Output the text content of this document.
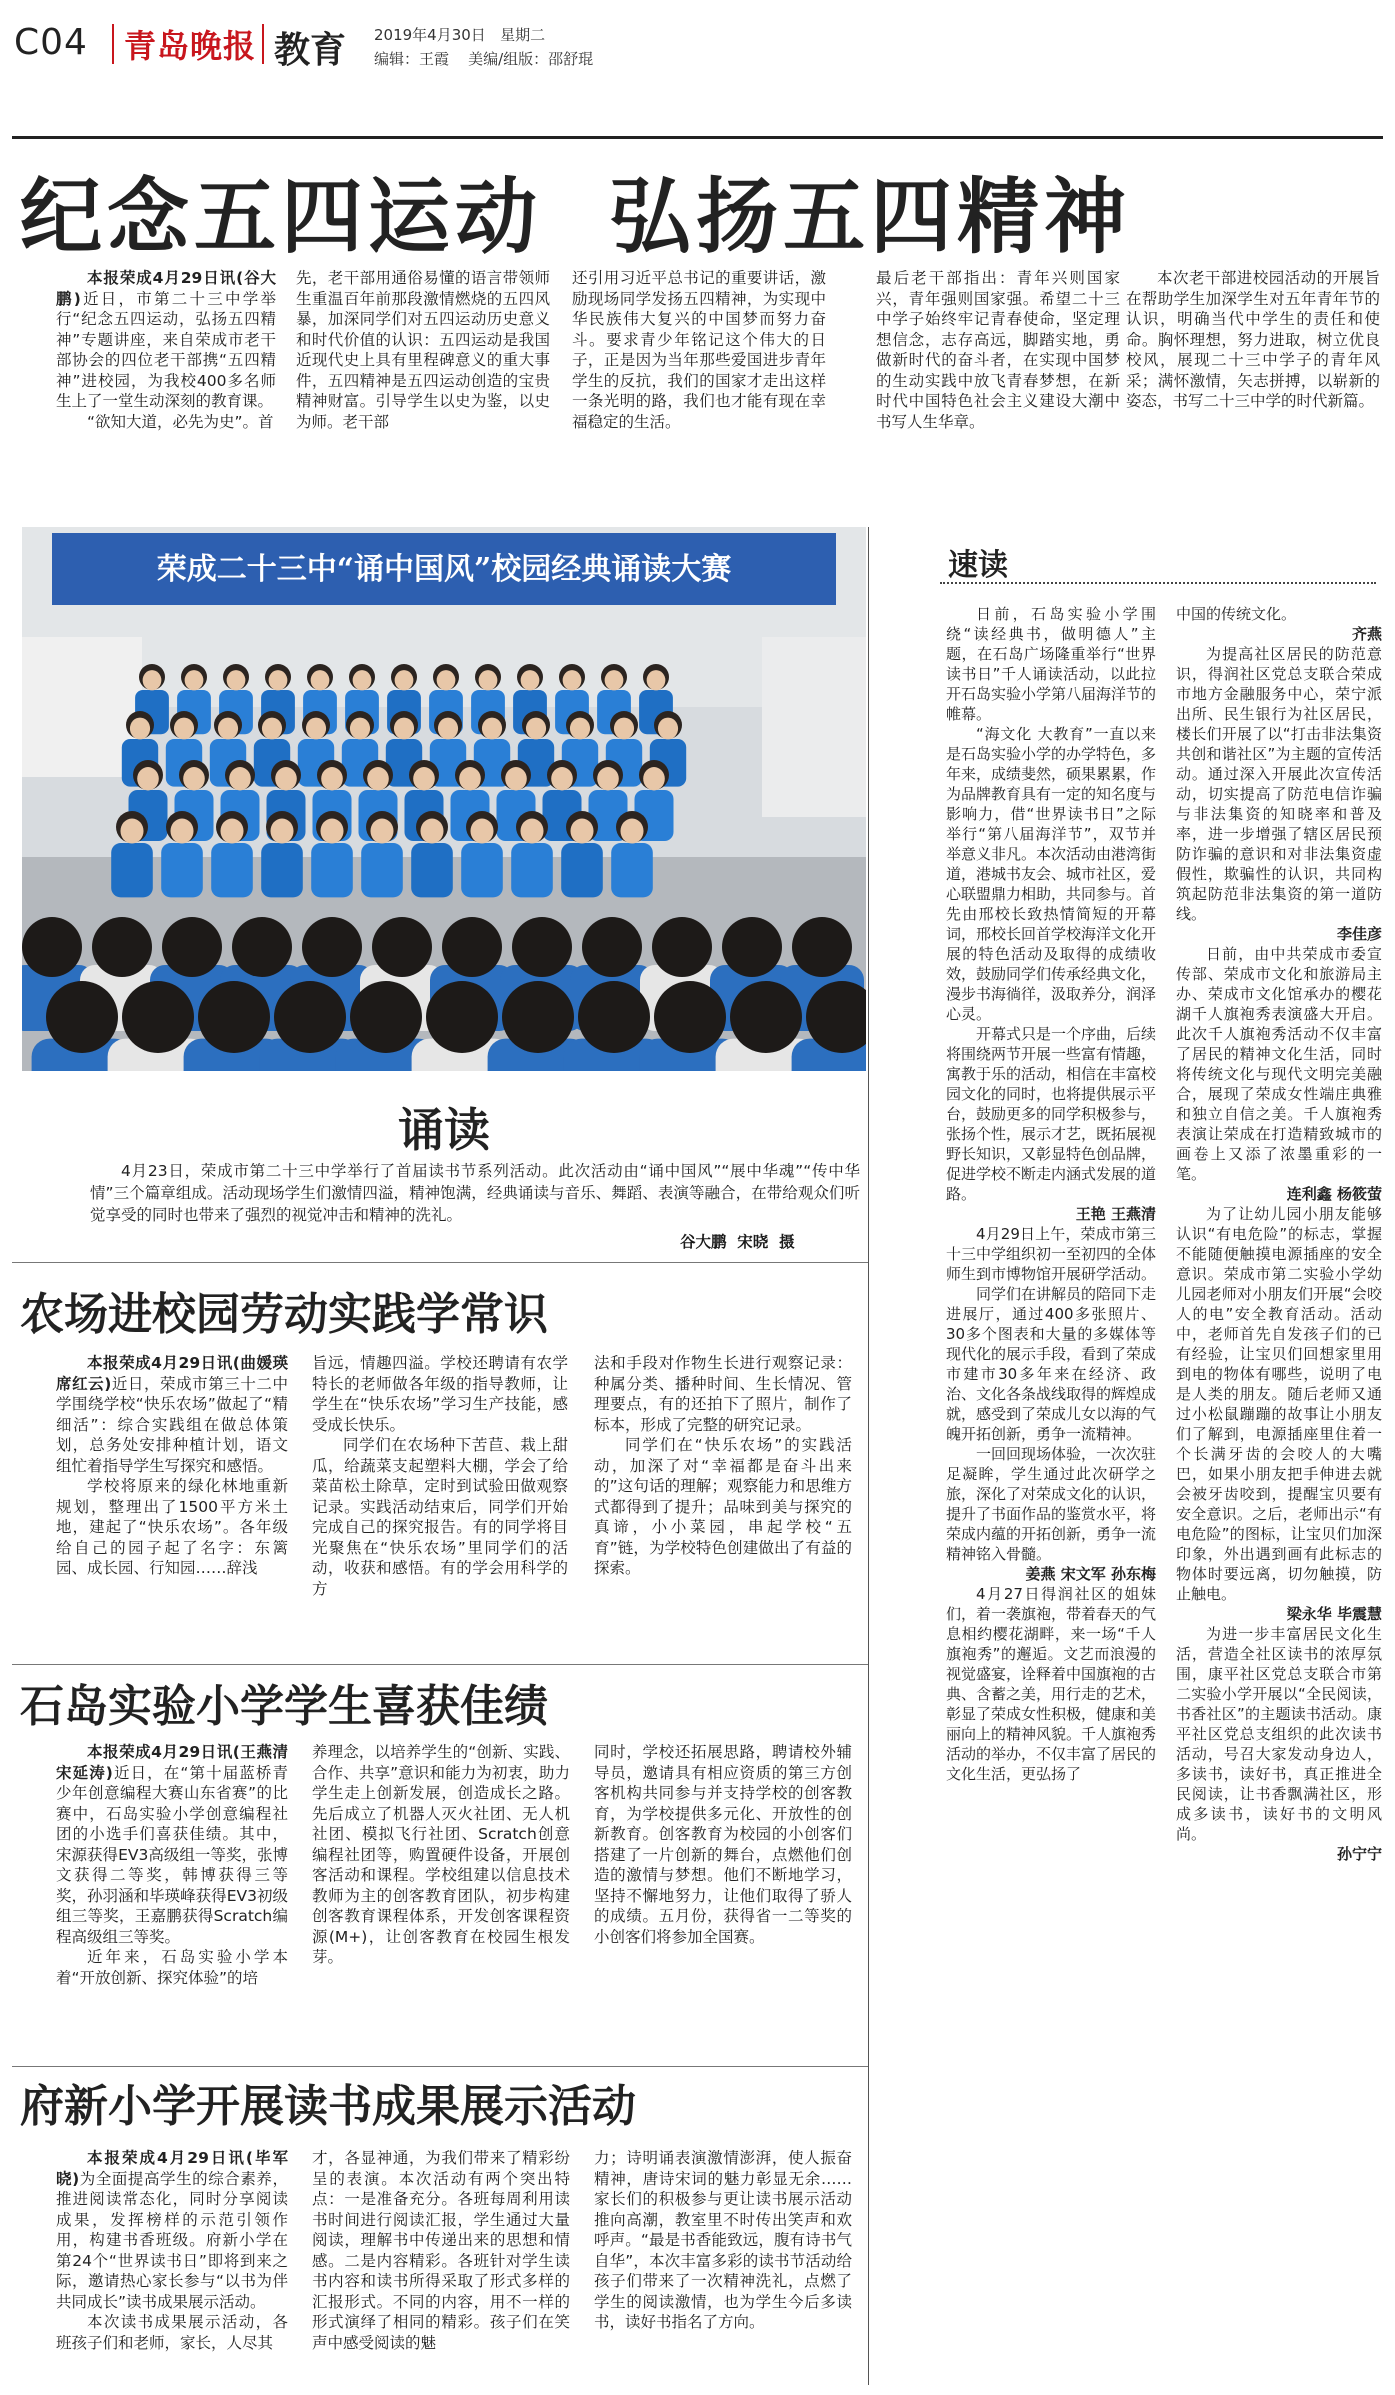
C04 青岛晚报 教育 2019年4月30日   星期二
编辑：王霞    美编/组版：邵舒琨
纪念五四运动  弘扬五四精神

本报荣成4月29日讯(谷大鹏)近日，市第二十三中学举行“纪念五四运动，弘扬五四精神”专题讲座，来自荣成市老干部协会的四位老干部携“五四精神”进校园，为我校400多名师生上了一堂生动深刻的教育课。

“欲知大道，必先为史”。首

先，老干部用通俗易懂的语言带领师生重温百年前那段激情燃烧的五四风暴，加深同学们对五四运动历史意义和时代价值的认识：五四运动是我国近现代史上具有里程碑意义的重大事件，五四精神是五四运动创造的宝贵精神财富。引导学生以史为鉴，以史为师。老干部

还引用习近平总书记的重要讲话，激励现场同学发扬五四精神，为实现中华民族伟大复兴的中国梦而努力奋斗。要求青少年铭记这个伟大的日子，正是因为当年那些爱国进步青年学生的反抗，我们的国家才走出这样一条光明的路，我们也才能有现在幸福稳定的生活。

最后老干部指出：青年兴则国家兴，青年强则国家强。希望二十三中学子始终牢记青春使命，坚定理想信念，志存高远，脚踏实地，勇做新时代的奋斗者，在实现中国梦的生动实践中放飞青春梦想，在新时代中国特色社会主义建设大潮中书写人生华章。

本次老干部进校园活动的开展旨在帮助学生加深学生对五年青年节的认识，明确当代中学生的责任和使命。胸怀理想，努力进取，树立优良校风，展现二十三中学子的青年风采；满怀激情，矢志拼搏，以崭新的姿态，书写二十三中学的时代新篇。

荣成二十三中“诵中国风”校园经典诵读大赛
诵读
4月23日，荣成市第二十三中学举行了首届读书节系列活动。此次活动由“诵中国风”“展中华魂”“传中华情”三个篇章组成。活动现场学生们激情四溢，精神饱满，经典诵读与音乐、舞蹈、表演等融合，在带给观众们听觉享受的同时也带来了强烈的视觉冲击和精神的洗礼。
谷大鹏  宋晓  摄
农场进校园劳动实践学常识

本报荣成4月29日讯(曲媛瑛 席红云)近日，荣成市第三十二中学围绕学校“快乐农场”做起了“精细活”：综合实践组在做总体策划，总务处安排种植计划，语文组忙着指导学生写探究和感悟。

学校将原来的绿化林地重新规划，整理出了1500平方米土地，建起了“快乐农场”。各年级给自己的园子起了名字：东篱园、成长园、行知园……辞浅

旨远，情趣四溢。学校还聘请有农学特长的老师做各年级的指导教师，让学生在“快乐农场”学习生产技能，感受成长快乐。

同学们在农场种下苦苣、栽上甜瓜，给蔬菜支起塑料大棚，学会了给菜苗松土除草，定时到试验田做观察记录。实践活动结束后，同学们开始完成自己的探究报告。有的同学将目光聚焦在“快乐农场”里同学们的活动，收获和感悟。有的学会用科学的方

法和手段对作物生长进行观察记录：种属分类、播种时间、生长情况、管理要点，有的还拍下了照片，制作了标本，形成了完整的研究记录。

同学们在“快乐农场”的实践活动，加深了对“幸福都是奋斗出来的”这句话的理解；观察能力和思维方式都得到了提升；品味到美与探究的真谛，小小菜园，串起学校“五育”链，为学校特色创建做出了有益的探索。

石岛实验小学学生喜获佳绩

本报荣成4月29日讯(王燕清 宋延涛)近日，在“第十届蓝桥青少年创意编程大赛山东省赛”的比赛中，石岛实验小学创意编程社团的小选手们喜获佳绩。其中，宋源获得EV3高级组一等奖，张博文获得二等奖，韩博获得三等奖，孙羽涵和毕瑛峰获得EV3初级组三等奖，王嘉鹏获得Scratch编程高级组三等奖。

近年来，石岛实验小学本着“开放创新、探究体验”的培

养理念，以培养学生的“创新、实践、合作、共享”意识和能力为初衷，助力学生走上创新发展，创造成长之路。先后成立了机器人灭火社团、无人机社团、模拟飞行社团、Scratch创意编程社团等，购置硬件设备，开展创客活动和课程。学校组建以信息技术教师为主的创客教育团队，初步构建创客教育课程体系，开发创客课程资源(M+)，让创客教育在校园生根发芽。

同时，学校还拓展思路，聘请校外辅导员，邀请具有相应资质的第三方创客机构共同参与并支持学校的创客教育，为学校提供多元化、开放性的创新教育。创客教育为校园的小创客们搭建了一片创新的舞台，点燃他们创造的激情与梦想。他们不断地学习，坚持不懈地努力，让他们取得了骄人的成绩。五月份，获得省一二等奖的小创客们将参加全国赛。

府新小学开展读书成果展示活动

本报荣成4月29日讯(毕军晓)为全面提高学生的综合素养，推进阅读常态化，同时分享阅读成果，发挥榜样的示范引领作用，构建书香班级。府新小学在第24个“世界读书日”即将到来之际，邀请热心家长参与“以书为伴 共同成长”读书成果展示活动。

本次读书成果展示活动，各班孩子们和老师，家长，人尽其

才，各显神通，为我们带来了精彩纷呈的表演。本次活动有两个突出特点：一是准备充分。各班每周利用读书时间进行阅读汇报，学生通过大量阅读，理解书中传递出来的思想和情感。二是内容精彩。各班针对学生读书内容和读书所得采取了形式多样的汇报形式。不同的内容，用不一样的形式演绎了相同的精彩。孩子们在笑声中感受阅读的魅

力；诗明诵表演激情澎湃，使人振奋精神，唐诗宋词的魅力彰显无余……家长们的积极参与更让读书展示活动推向高潮，教室里不时传出笑声和欢呼声。“最是书香能致远，腹有诗书气自华”，本次丰富多彩的读书节活动给孩子们带来了一次精神洗礼，点燃了学生的阅读激情，也为学生今后多读书，读好书指名了方向。

速读

日前，石岛实验小学围绕“读经典书，做明德人”主题，在石岛广场隆重举行“世界读书日”千人诵读活动，以此拉开石岛实验小学第八届海洋节的帷幕。

“海文化 大教育”一直以来是石岛实验小学的办学特色，多年来，成绩斐然，硕果累累，作为品牌教育具有一定的知名度与影响力，借“世界读书日”之际举行“第八届海洋节”，双节并举意义非凡。本次活动由港湾街道，港城书友会、城市社区，爱心联盟鼎力相助，共同参与。首先由邢校长致热情简短的开幕词，邢校长回首学校海洋文化开展的特色活动及取得的成绩收效，鼓励同学们传承经典文化，漫步书海徜徉，汲取养分，润泽心灵。

开幕式只是一个序曲，后续将围绕两节开展一些富有情趣，寓教于乐的活动，相信在丰富校园文化的同时，也将提供展示平台，鼓励更多的同学积极参与，张扬个性，展示才艺，既拓展视野长知识，又彰显特色创品牌，促进学校不断走内涵式发展的道路。

王艳 王燕清

4月29日上午，荣成市第三十三中学组织初一至初四的全体师生到市博物馆开展研学活动。

同学们在讲解员的陪同下走进展厅，通过400多张照片、30多个图表和大量的多媒体等现代化的展示手段，看到了荣成市建市30多年来在经济、政治、文化各条战线取得的辉煌成就，感受到了荣成儿女以海的气魄开拓创新，勇争一流精神。

一回回现场体验，一次次驻足凝眸，学生通过此次研学之旅，深化了对荣成文化的认识，提升了书面作品的鉴赏水平，将荣成内蕴的开拓创新，勇争一流精神铭入骨髓。

姜燕 宋文军 孙东梅

4月27日得润社区的姐妹们，着一袭旗袍，带着春天的气息相约樱花湖畔，来一场“千人旗袍秀”的邂逅。文艺而浪漫的视觉盛宴，诠释着中国旗袍的古典、含蓄之美，用行走的艺术，彰显了荣成女性积极，健康和美丽向上的精神风貌。千人旗袍秀活动的举办，不仅丰富了居民的文化生活，更弘扬了

中国的传统文化。

齐燕

为提高社区居民的防范意识，得润社区党总支联合荣成市地方金融服务中心，荣宁派出所、民生银行为社区居民，楼长们开展了以“打击非法集资 共创和谐社区”为主题的宣传活动。通过深入开展此次宣传活动，切实提高了防范电信诈骗与非法集资的知晓率和普及率，进一步增强了辖区居民预防诈骗的意识和对非法集资虚假性，欺骗性的认识，共同构筑起防范非法集资的第一道防线。

李佳彦

日前，由中共荣成市委宣传部、荣成市文化和旅游局主办、荣成市文化馆承办的樱花湖千人旗袍秀表演盛大开启。此次千人旗袍秀活动不仅丰富了居民的精神文化生活，同时将传统文化与现代文明完美融合，展现了荣成女性端庄典雅和独立自信之美。千人旗袍秀表演让荣成在打造精致城市的画卷上又添了浓墨重彩的一笔。

连利鑫 杨筱萤

为了让幼儿园小朋友能够认识“有电危险”的标志，掌握不能随便触摸电源插座的安全意识。荣成市第二实验小学幼儿园老师对小朋友们开展“会咬人的电”安全教育活动。活动中，老师首先自发孩子们的已有经验，让宝贝们回想家里用到电的物体有哪些，说明了电是人类的朋友。随后老师又通过小松鼠蹦蹦的故事让小朋友们了解到，电源插座里住着一个长满牙齿的会咬人的大嘴巴，如果小朋友把手伸进去就会被牙齿咬到，提醒宝贝要有安全意识。之后，老师出示“有电危险”的图标，让宝贝们加深印象，外出遇到画有此标志的物体时要远离，切勿触摸，防止触电。

梁永华 毕震慧

为进一步丰富居民文化生活，营造全社区读书的浓厚氛围，康平社区党总支联合市第二实验小学开展以“全民阅读，书香社区”的主题读书活动。康平社区党总支组织的此次读书活动，号召大家发动身边人，多读书，读好书，真正推进全民阅读，让书香飘满社区，形成多读书，读好书的文明风尚。

孙宁宁
